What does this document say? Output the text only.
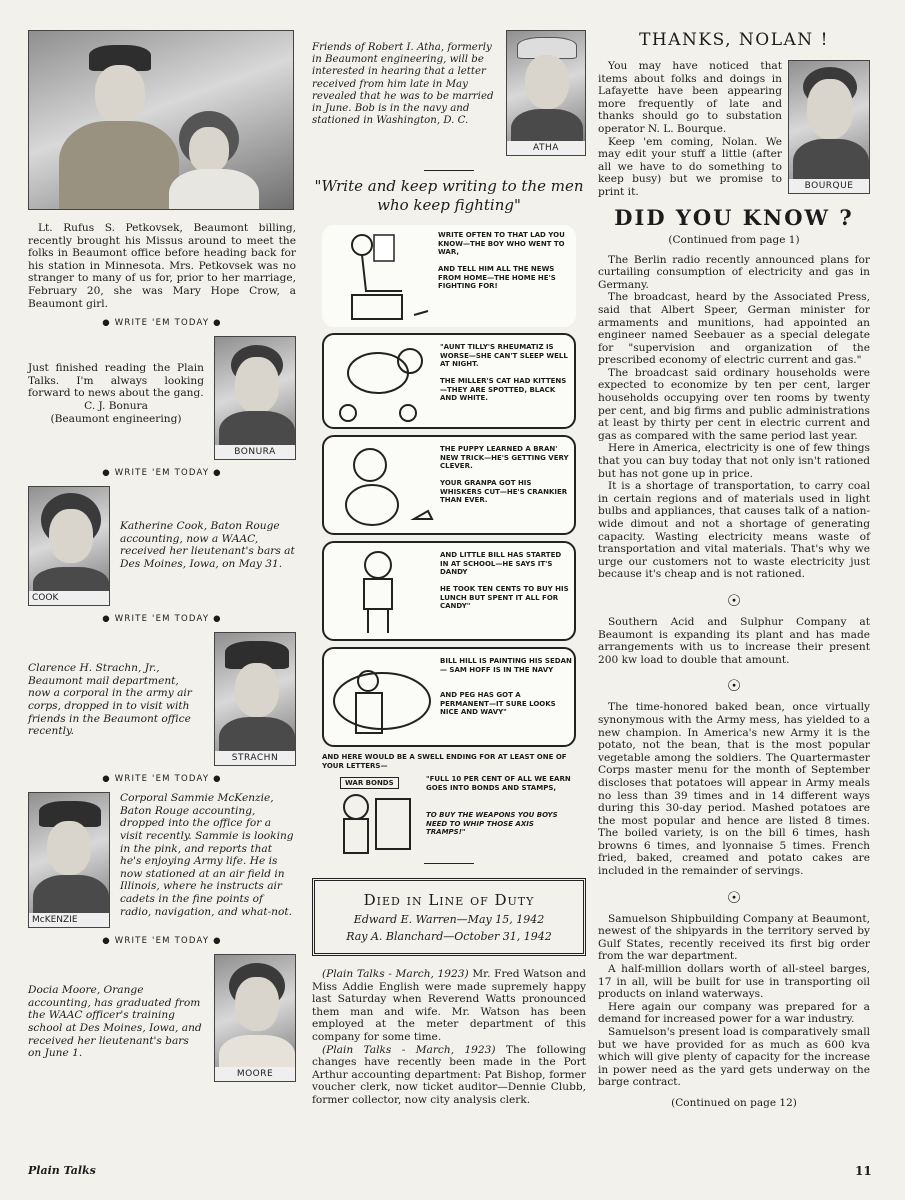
Lt. Rufus S. Petkovsek, Beaumont billing, recently brought his Missus around to meet the folks in Beaumont office before heading back for his station in Minnesota. Mrs. Petkovsek was no stranger to many of us for, prior to her marriage, February 20, she was Mary Hope Crow, a Beaumont girl.

● WRITE 'EM TODAY ●

Just finished reading the Plain Talks. I'm always looking forward to news about the gang.

C. J. Bonura

(Beaumont engineering)

BONURA
● WRITE 'EM TODAY ●
COOK

Katherine Cook, Baton Rouge accounting, now a WAAC, received her lieutenant's bars at Des Moines, Iowa, on May 31.

● WRITE 'EM TODAY ●

Clarence H. Strachn, Jr., Beaumont mail department, now a corporal in the army air corps, dropped in to visit with friends in the Beaumont office recently.

STRACHN
● WRITE 'EM TODAY ●
McKENZIE

Corporal Sammie McKenzie, Baton Rouge accounting, dropped into the office for a visit recently. Sammie is looking in the pink, and reports that he's enjoying Army life. He is now stationed at an air field in Illinois, where he instructs air cadets in the fine points of radio, navigation, and what-not.

● WRITE 'EM TODAY ●

Docia Moore, Orange accounting, has graduated from the WAAC officer's training school at Des Moines, Iowa, and received her lieutenant's bars on June 1.

MOORE

Friends of Robert I. Atha, formerly in Beaumont engineering, will be interested in hearing that a letter received from him late in May revealed that he was to be married in June. Bob is in the navy and stationed in Washington, D. C.

ATHA
"Write and keep writing to the men who keep fighting"
WRITE OFTEN TO THAT LAD YOU KNOW—THE BOY WHO WENT TO WAR,
AND TELL HIM ALL THE NEWS FROM HOME—THE HOME HE'S FIGHTING FOR!
"AUNT TILLY'S RHEUMATIZ IS WORSE—SHE CAN'T SLEEP WELL AT NIGHT.
THE MILLER'S CAT HAD KITTENS—THEY ARE SPOTTED, BLACK AND WHITE.
THE PUPPY LEARNED A BRAN' NEW TRICK—HE'S GETTING VERY CLEVER.
YOUR GRANPA GOT HIS WHISKERS CUT—HE'S CRANKIER THAN EVER.
AND LITTLE BILL HAS STARTED IN AT SCHOOL—HE SAYS IT'S DANDY
HE TOOK TEN CENTS TO BUY HIS LUNCH BUT SPENT IT ALL FOR CANDY"
BILL HILL IS PAINTING HIS SEDAN — SAM HOFF IS IN THE NAVY
AND PEG HAS GOT A PERMANENT—IT SURE LOOKS NICE AND WAVY"
AND HERE WOULD BE A SWELL ENDING FOR AT LEAST ONE OF YOUR LETTERS—
WAR BONDS	"FULL 10 PER CENT OF ALL WE EARN GOES INTO BONDS AND STAMPS,
TO BUY THE WEAPONS YOU BOYS NEED TO WHIP THOSE AXIS TRAMPS!"
Died in Line of Duty
Edward E. Warren—May 15, 1942
Ray A. Blanchard—October 31, 1942

(Plain Talks - March, 1923) Mr. Fred Watson and Miss Addie English were made supremely happy last Saturday when Reverend Watts pronounced them man and wife. Mr. Watson has been employed at the meter department of this company for some time.

(Plain Talks - March, 1923) The following changes have recently been made in the Port Arthur accounting department: Pat Bishop, former voucher clerk, now ticket auditor—Dennie Clubb, former collector, now city analysis clerk.

THANKS, NOLAN !

You may have noticed that items about folks and doings in Lafayette have been appearing more frequently of late and thanks should go to substation operator N. L. Bourque.

Keep 'em coming, Nolan. We may edit your stuff a little (after all we have to do something to keep busy) but we promise to print it.	BOURQUE
DID YOU KNOW ?
(Continued from page 1)

The Berlin radio recently announced plans for curtailing consumption of electricity and gas in Germany.

The broadcast, heard by the Associated Press, said that Albert Speer, German minister for armaments and munitions, had appointed an engineer named Seebauer as a special delegate for "supervision and organization of the prescribed economy of electric current and gas."

The broadcast said ordinary households were expected to economize by ten per cent, larger households occupying over ten rooms by twenty per cent, and big firms and public administrations at least by thirty per cent in electric current and gas as compared with the same period last year.

Here in America, electricity is one of few things that you can buy today that not only isn't rationed but has not gone up in price.

It is a shortage of transportation, to carry coal in certain regions and of materials used in light bulbs and appliances, that causes talk of a nation-wide dimout and not a shortage of generating capacity. Wasting electricity means waste of transportation and vital materials. That's why we urge our customers not to waste electricity just because it's cheap and is not rationed.

☉

Southern Acid and Sulphur Company at Beaumont is expanding its plant and has made arrangements with us to increase their present 200 kw load to double that amount.

☉

The time-honored baked bean, once virtually synonymous with the Army mess, has yielded to a new champion. In America's new Army it is the potato, not the bean, that is the most popular vegetable among the soldiers. The Quartermaster Corps master menu for the month of September discloses that potatoes will appear in Army meals no less than 39 times and in 14 different ways during this 30-day period. Mashed potatoes are the most popular and hence are listed 8 times. The boiled variety, is on the bill 6 times, hash browns 6 times, and lyonnaise 5 times. French fried, baked, creamed and potato cakes are included in the remainder of servings.

☉

Samuelson Shipbuilding Company at Beaumont, newest of the shipyards in the territory served by Gulf States, recently received its first big order from the war department.

A half-million dollars worth of all-steel barges, 17 in all, will be built for use in transporting oil products on inland waterways.

Here again our company was prepared for a demand for increased power for a war industry.

Samuelson's present load is comparatively small but we have provided for as much as 600 kva which will give plenty of capacity for the increase in power need as the yard gets underway on the barge contract.

(Continued on page 12)
Plain Talks	11
